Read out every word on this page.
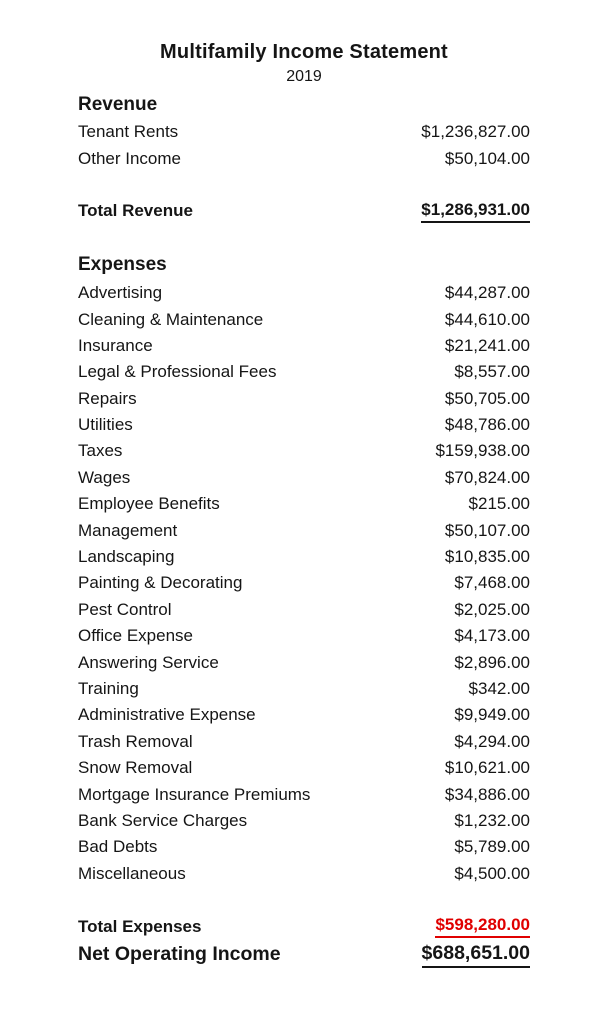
Multifamily Income Statement
2019
Revenue
Tenant Rents	$1,236,827.00
Other Income	$50,104.00
Total Revenue	$1,286,931.00
Expenses
Advertising	$44,287.00
Cleaning & Maintenance	$44,610.00
Insurance	$21,241.00
Legal & Professional Fees	$8,557.00
Repairs	$50,705.00
Utilities	$48,786.00
Taxes	$159,938.00
Wages	$70,824.00
Employee Benefits	$215.00
Management	$50,107.00
Landscaping	$10,835.00
Painting & Decorating	$7,468.00
Pest Control	$2,025.00
Office Expense	$4,173.00
Answering Service	$2,896.00
Training	$342.00
Administrative Expense	$9,949.00
Trash Removal	$4,294.00
Snow Removal	$10,621.00
Mortgage Insurance Premiums	$34,886.00
Bank Service Charges	$1,232.00
Bad Debts	$5,789.00
Miscellaneous	$4,500.00
Total Expenses	$598,280.00
Net Operating Income	$688,651.00
